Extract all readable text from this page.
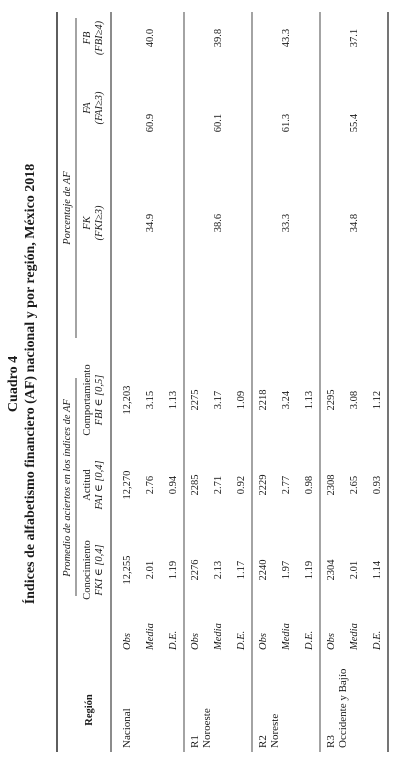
Cuadro 4 Índices de alfabetismo financiero (AF) nacional y por región, México 2018
Región
Promedio de aciertos en los índices de AF
Porcentaje de AF
Conocimiento FKI ∈ [0,4]
Actitud FAI ∈ [0,4]
Comportamiento FBI ∈ [0,5]
FK (FKI≥3)
FA (FAI≥3)
FB (FBI≥4)
Nacional
Obs Media D.E.
12,255
12,270
12,203
2.01
2.76
3.15
1.19
0.94
1.13
34.9
60.9
40.0
R1 Noroeste
Obs Media D.E.
2276
2285
2275
2.13
2.71
3.17
1.17
0.92
1.09
38.6
60.1
39.8
R2 Noreste
Obs Media D.E.
2240
2229
2218
1.97
2.77
3.24
1.19
0.98
1.13
33.3
61.3
43.3
R3 Occidente y Bajío
Obs Media D.E.
2304
2308
2295
2.01
2.65
3.08
1.14
0.93
1.12
34.8
55.4
37.1
